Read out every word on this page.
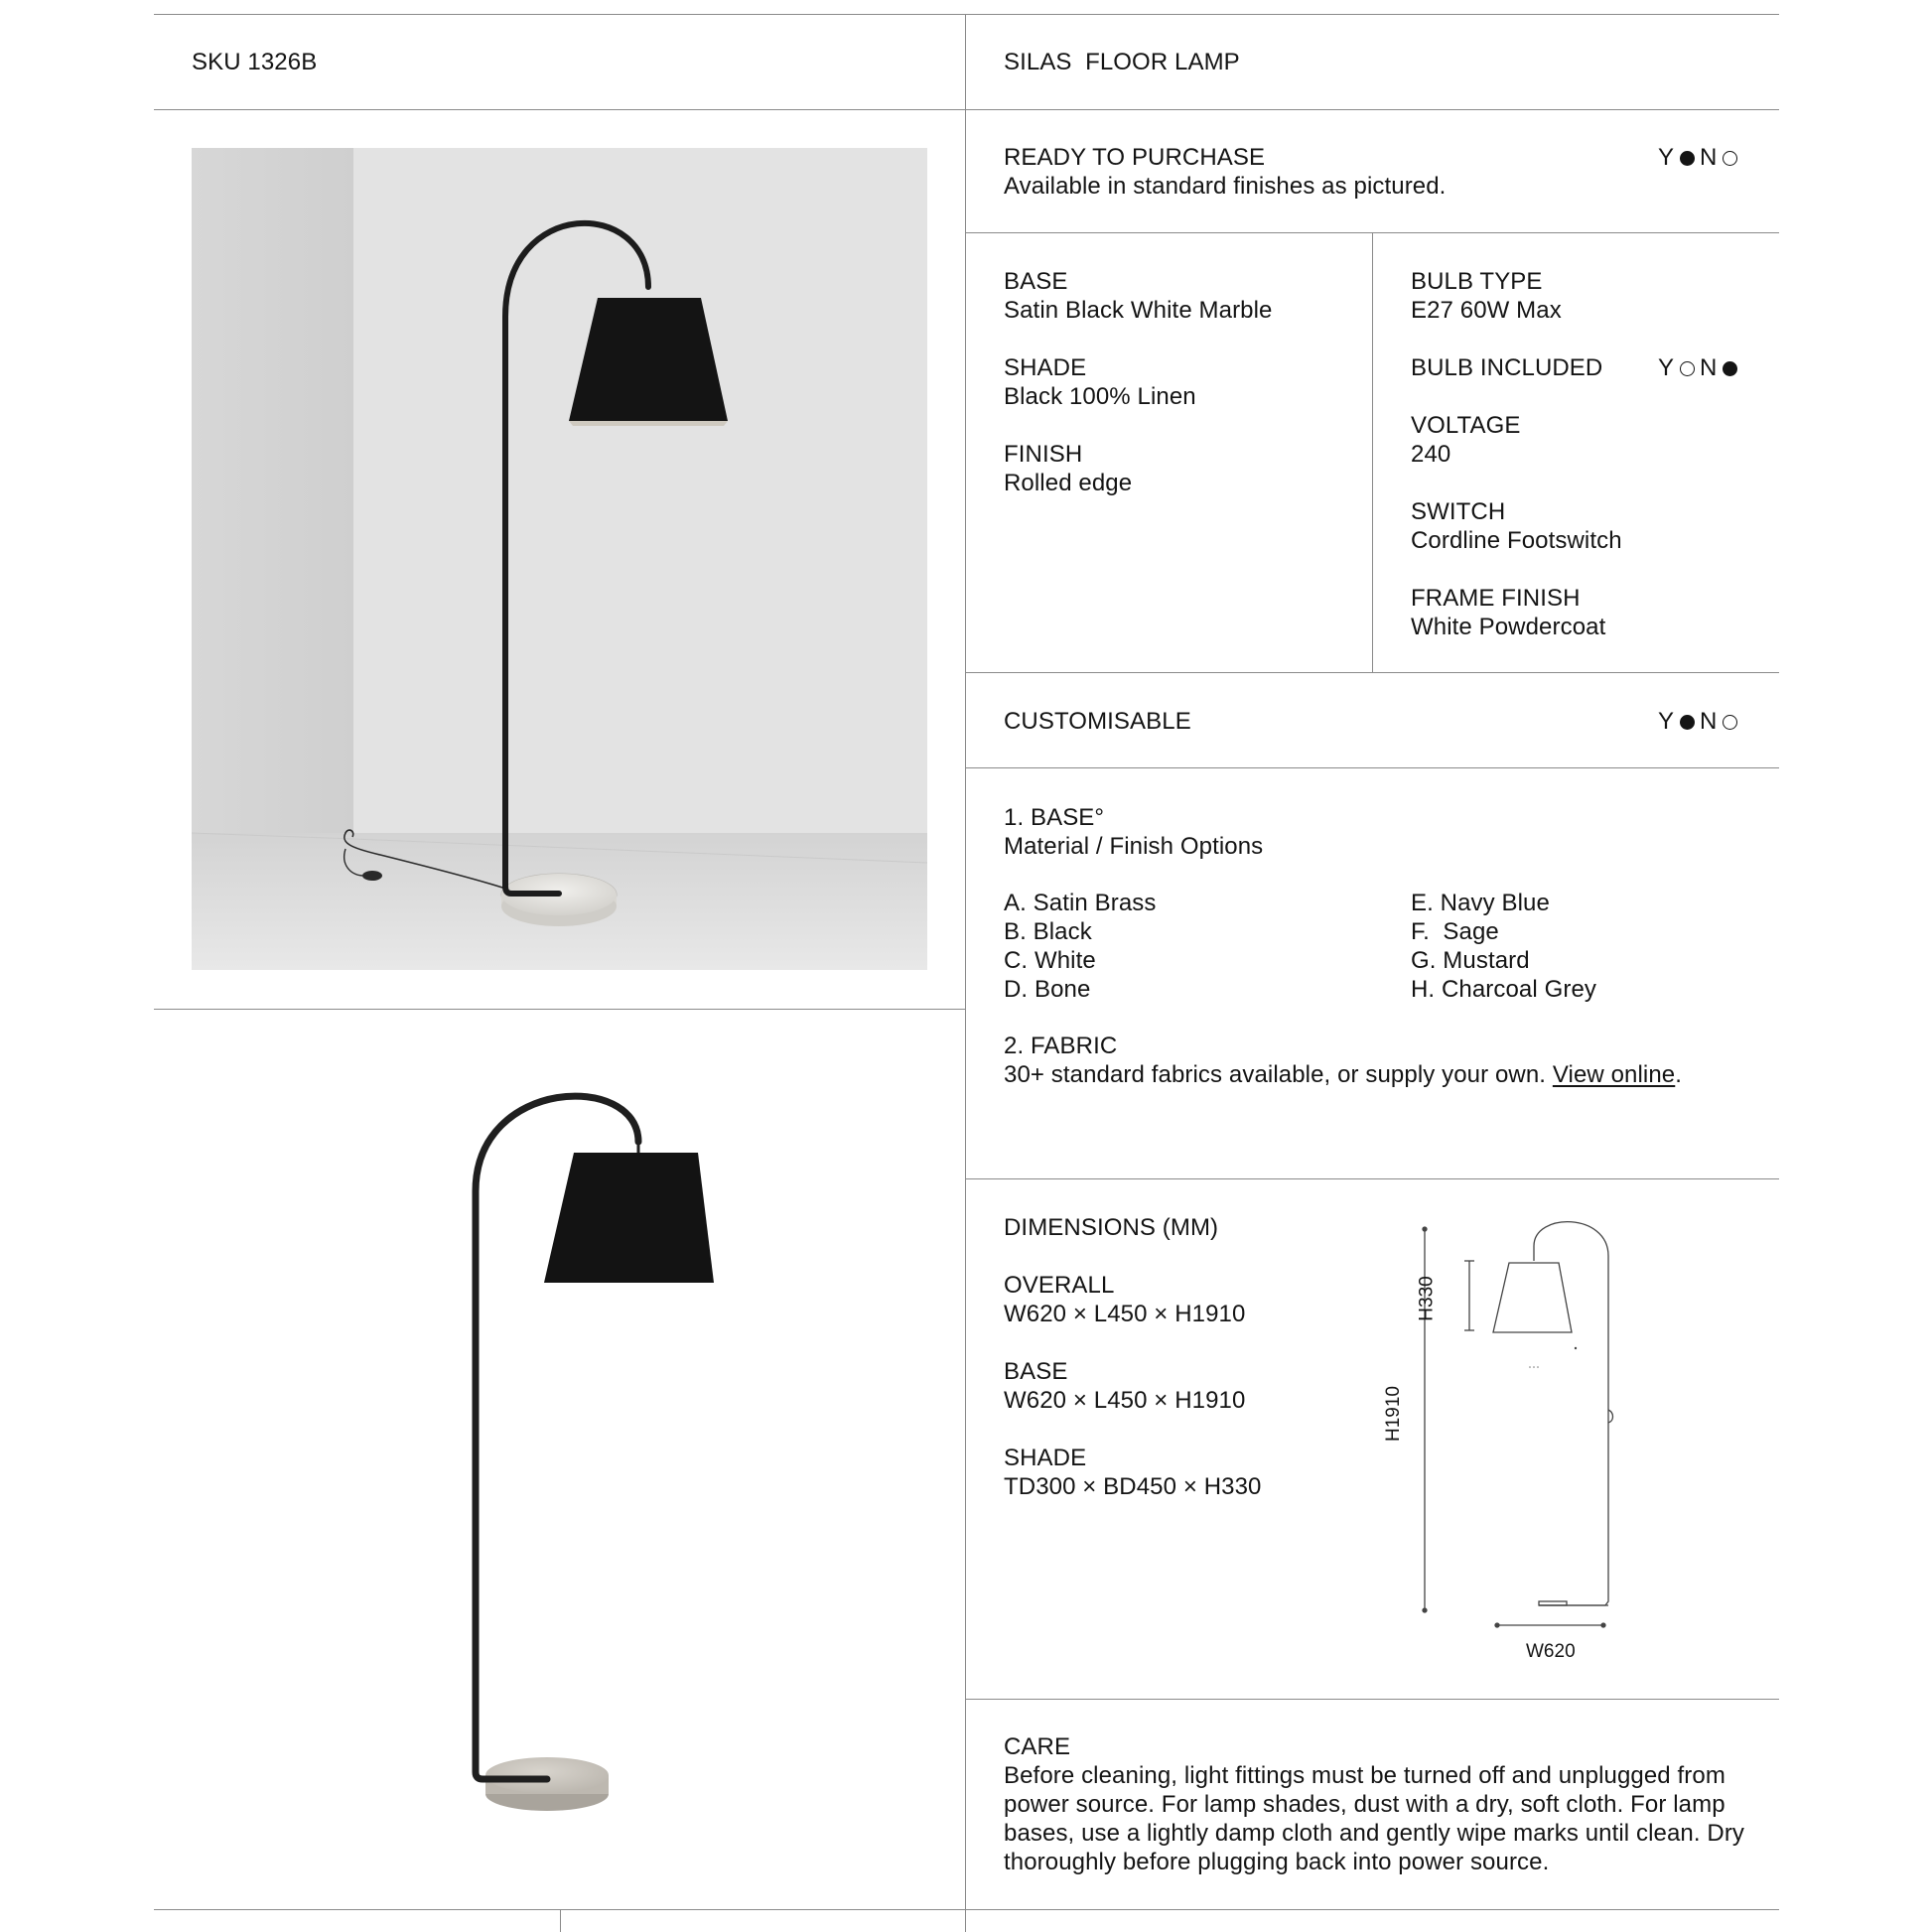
SKU 1326B	SILAS  FLOOR LAMP
READY TO PURCHASE
Available in standard finishes as pictured.
Y N
BASE
Satin Black White Marble
SHADE
Black 100% Linen
FINISH
Rolled edge
BULB TYPE
E27 60W Max
BULB INCLUDED Y N
VOLTAGE
240
SWITCH
Cordline Footswitch
FRAME FINISH
White Powdercoat
CUSTOMISABLE	Y N
1. BASE°
Material / Finish Options
A. Satin Brass
B. Black
C. White
D. Bone
E. Navy Blue
F.  Sage
G. Mustard
H. Charcoal Grey
2. FABRIC
30+ standard fabrics available, or supply your own. View online.
DIMENSIONS (MM)
OVERALL
W620 × L450 × H1910
BASE
W620 × L450 × H1910
SHADE
TD300 × BD450 × H330
H1910
H330
W620
CARE
Before cleaning, light fittings must be turned off and unplugged from power source. For lamp shades, dust with a dry, soft cloth. For lamp bases, use a lightly damp cloth and gently wipe marks until clean. Dry thoroughly before plugging back into power source.
